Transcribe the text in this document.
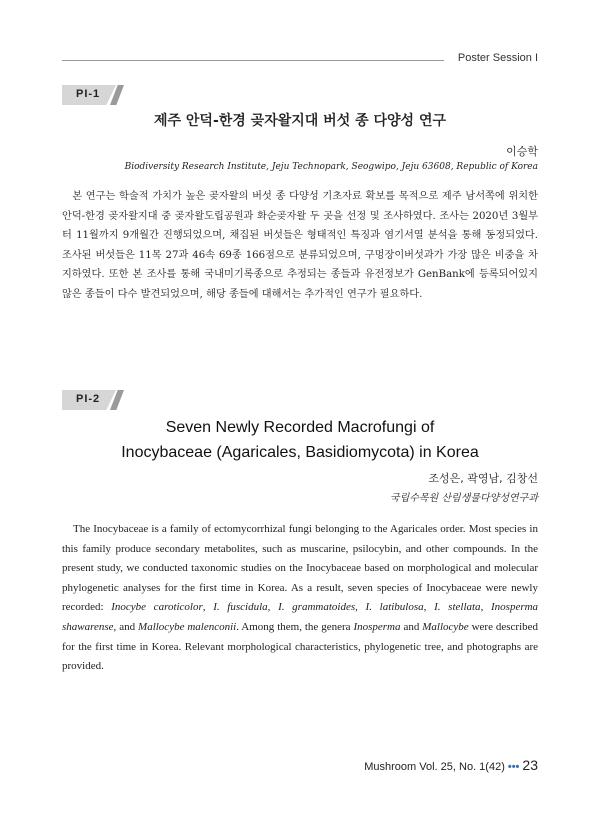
Poster Session I
PI-1
제주 안덕-한경 곶자왈지대 버섯 종 다양성 연구
이승학
Biodiversity Research Institute, Jeju Technopark, Seogwipo, Jeju 63608, Republic of Korea
본 연구는 학술적 가치가 높은 곶자왈의 버섯 종 다양성 기초자료 확보를 목적으로 제주 남서쪽에 위치한 안덕-한경 곶자왈지대 중 곶자왈도립공원과 화순곶자왈 두 곳을 선정 및 조사하였다. 조사는 2020년 3월부터 11월까지 9개월간 진행되었으며, 채집된 버섯들은 형태적인 특징과 염기서열 분석을 통해 동정되었다. 조사된 버섯들은 11목 27과 46속 69종 166점으로 분류되었으며, 구멍장이버섯과가 가장 많은 비중을 차지하였다. 또한 본 조사를 통해 국내미기록종으로 추정되는 종들과 유전정보가 GenBank에 등록되어있지 않은 종들이 다수 발견되었으며, 해당 종들에 대해서는 추가적인 연구가 필요하다.
PI-2
Seven Newly Recorded Macrofungi of
Inocybaceae (Agaricales, Basidiomycota) in Korea
조성은, 곽영남, 김창선
국립수목원 산림생물다양성연구과
The Inocybaceae is a family of ectomycorrhizal fungi belonging to the Agaricales order. Most species in this family produce secondary metabolites, such as muscarine, psilocybin, and other compounds. In the present study, we conducted taxonomic studies on the Inocybaceae based on morphological and molecular phylogenetic analyses for the first time in Korea. As a result, seven species of Inocybaceae were newly recorded: Inocybe caroticolor, I. fuscidula, I. grammatoides, I. latibulosa, I. stellata, Inosperma shawarense, and Mallocybe malenconii. Among them, the genera Inosperma and Mallocybe were described for the first time in Korea. Relevant morphological characteristics, phylogenetic tree, and photographs are provided.
Mushroom Vol. 25, No. 1(42) ••• 23
